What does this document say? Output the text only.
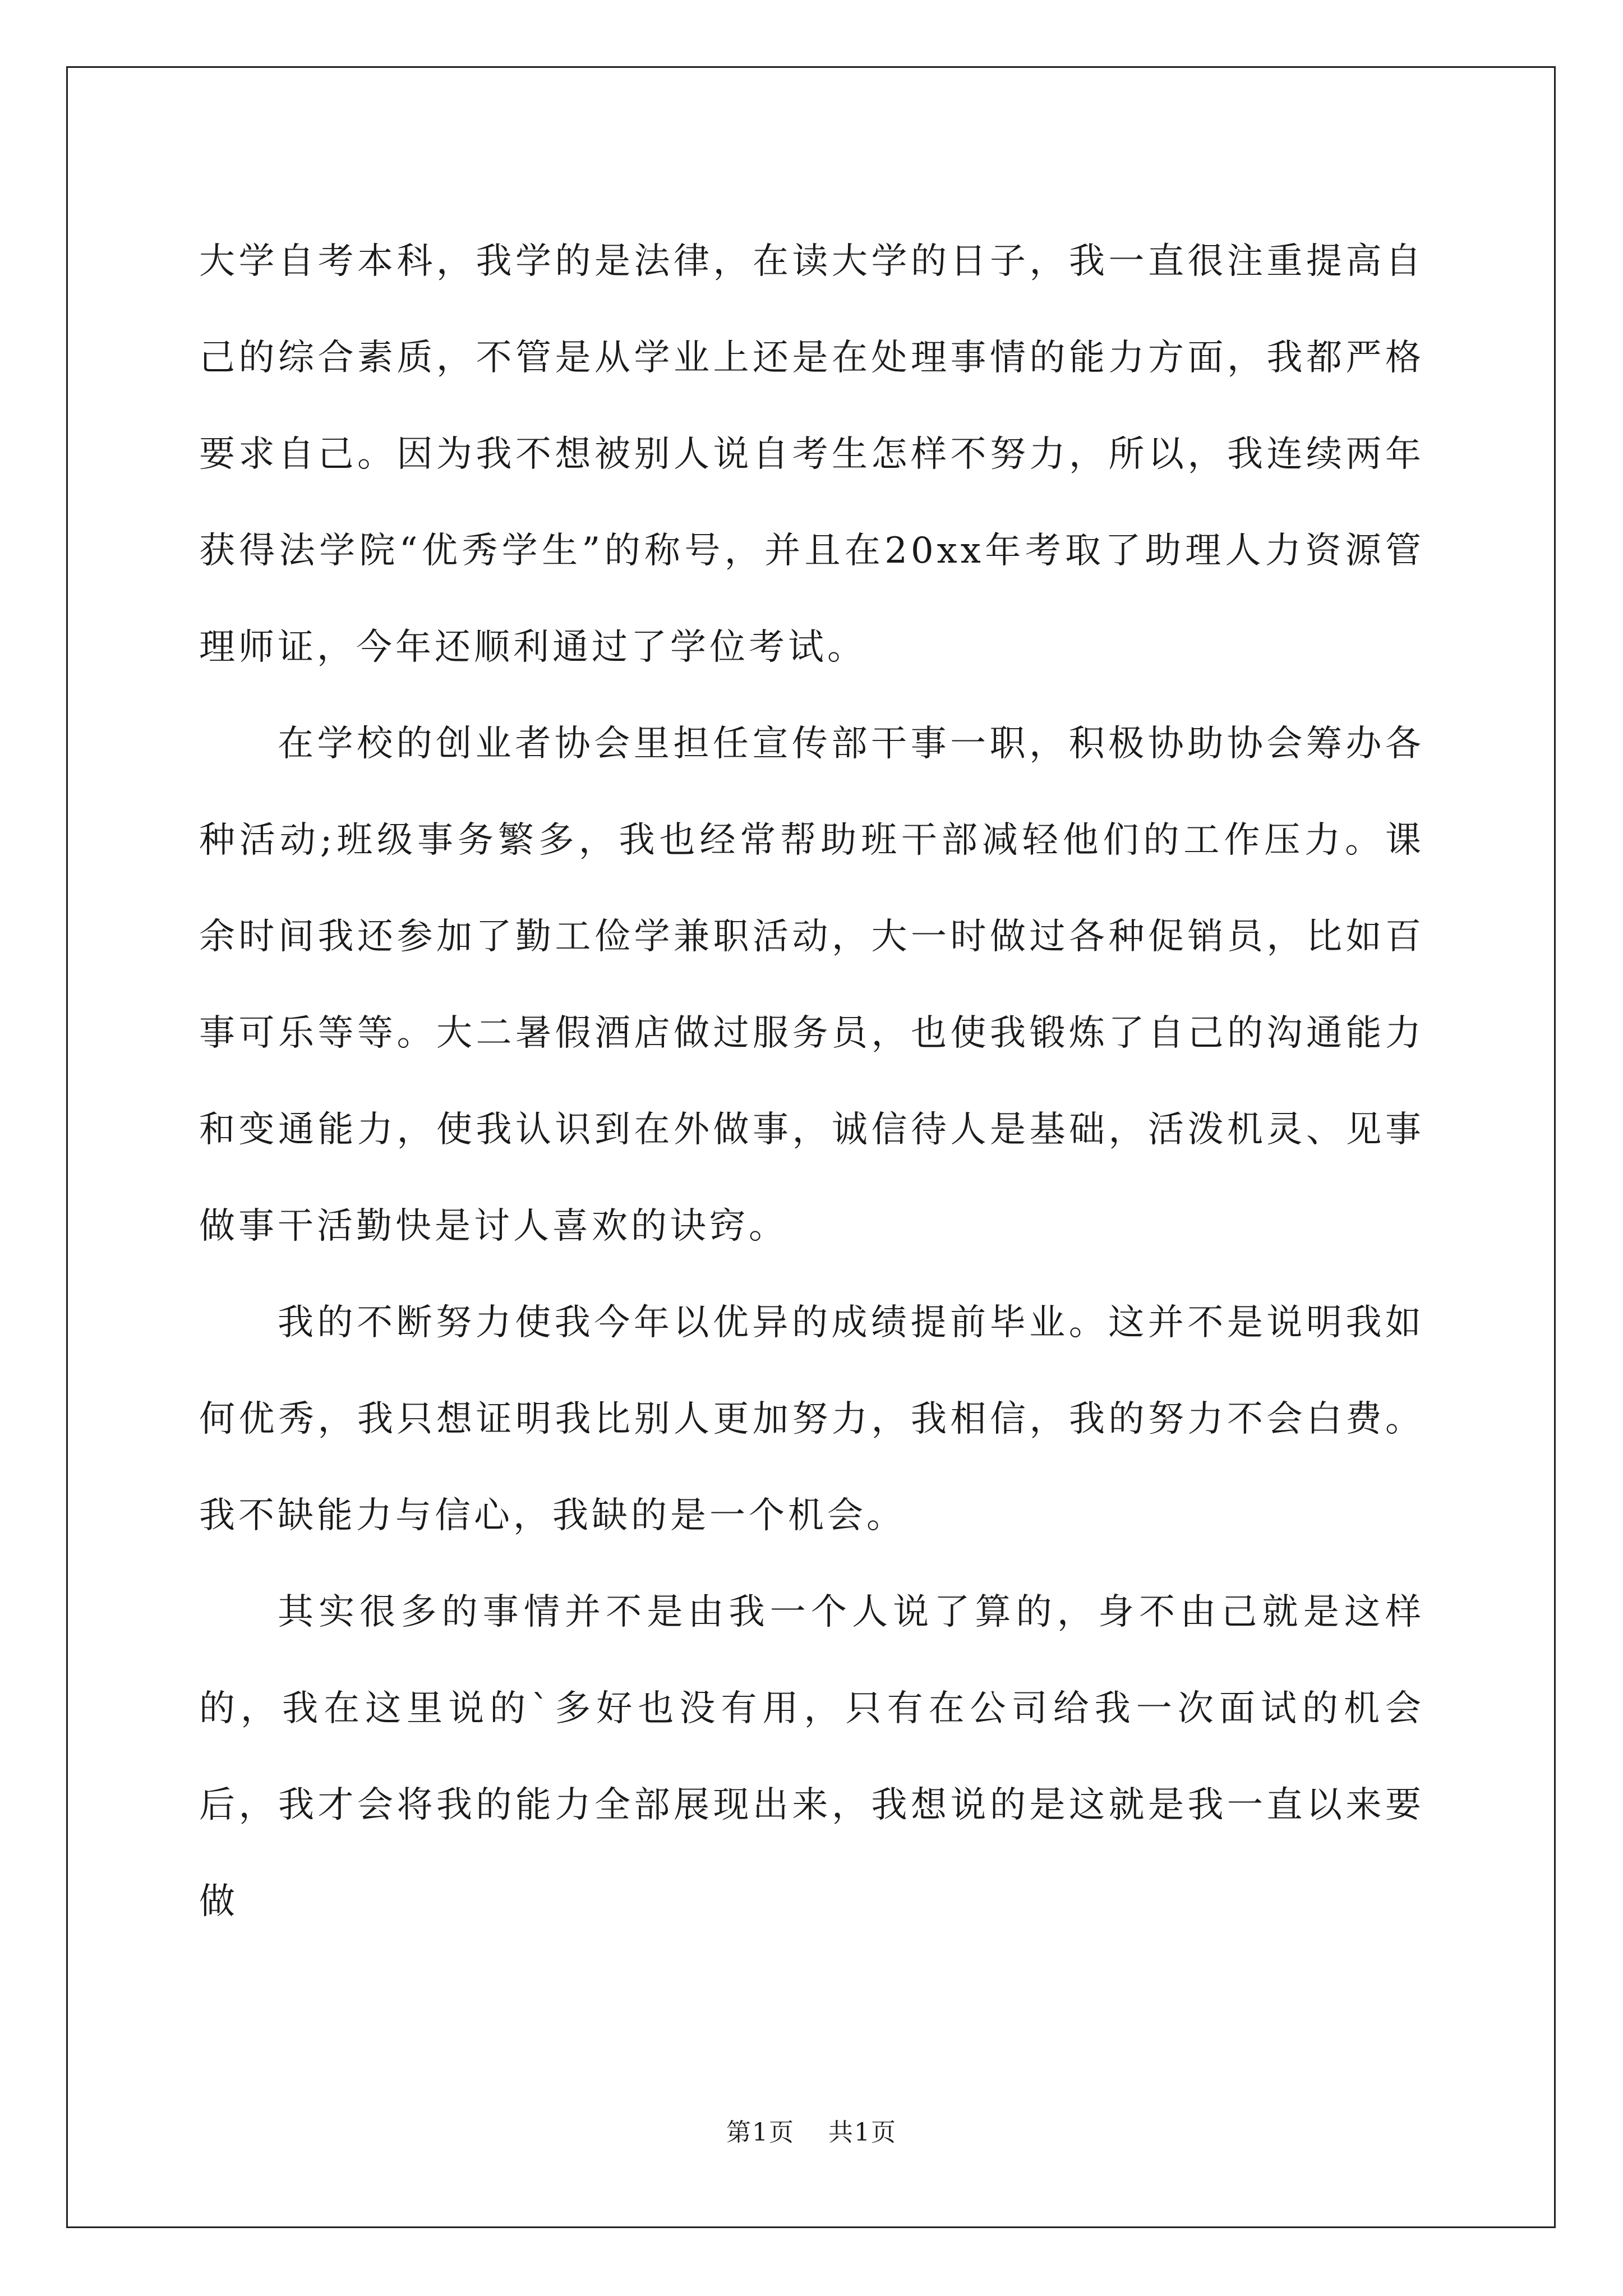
大学自考本科，我学的是法律，在读大学的日子，我一直很注重提高自己的综合素质，不管是从学业上还是在处理事情的能力方面，我都严格要求自己。因为我不想被别人说自考生怎样不努力，所以，我连续两年获得法学院“优秀学生”的称号，并且在20xx年考取了助理人力资源管理师证，今年还顺利通过了学位考试。

在学校的创业者协会里担任宣传部干事一职，积极协助协会筹办各种活动;班级事务繁多，我也经常帮助班干部减轻他们的工作压力。课余时间我还参加了勤工俭学兼职活动，大一时做过各种促销员，比如百事可乐等等。大二暑假酒店做过服务员，也使我锻炼了自己的沟通能力和变通能力，使我认识到在外做事，诚信待人是基础，活泼机灵、见事做事干活勤快是讨人喜欢的诀窍。

我的不断努力使我今年以优异的成绩提前毕业。这并不是说明我如何优秀，我只想证明我比别人更加努力，我相信，我的努力不会白费。我不缺能力与信心，我缺的是一个机会。

其实很多的事情并不是由我一个人说了算的，身不由己就是这样的，我在这里说的`多好也没有用，只有在公司给我一次面试的机会后，我才会将我的能力全部展现出来，我想说的是这就是我一直以来要做

第1页 共1页
